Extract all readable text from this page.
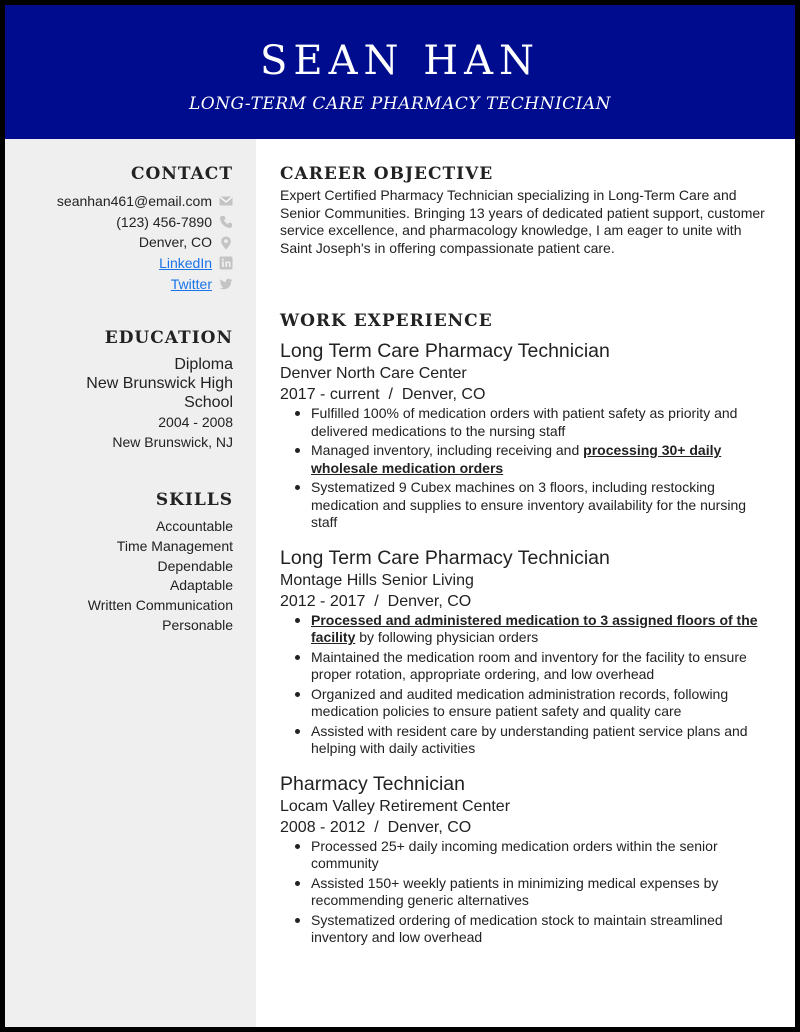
SEAN HAN
LONG-TERM CARE PHARMACY TECHNICIAN
CONTACT
seanhan461@email.com
(123) 456-7890
Denver, CO
LinkedIn
Twitter
EDUCATION
Diploma
New Brunswick High
School
2004 - 2008
New Brunswick, NJ
SKILLS
Accountable
Time Management
Dependable
Adaptable
Written Communication
Personable
CAREER OBJECTIVE
Expert Certified Pharmacy Technician specializing in Long-Term Care and Senior Communities. Bringing 13 years of dedicated patient support, customer service excellence, and pharmacology knowledge, I am eager to unite with Saint Joseph's in offering compassionate patient care.
WORK EXPERIENCE
Long Term Care Pharmacy Technician
Denver North Care Center
2017 - current  /  Denver, CO
Fulfilled 100% of medication orders with patient safety as priority and delivered medications to the nursing staff
Managed inventory, including receiving and processing 30+ daily wholesale medication orders
Systematized 9 Cubex machines on 3 floors, including restocking medication and supplies to ensure inventory availability for the nursing staff
Long Term Care Pharmacy Technician
Montage Hills Senior Living
2012 - 2017  /  Denver, CO
Processed and administered medication to 3 assigned floors of the facility by following physician orders
Maintained the medication room and inventory for the facility to ensure proper rotation, appropriate ordering, and low overhead
Organized and audited medication administration records, following medication policies to ensure patient safety and quality care
Assisted with resident care by understanding patient service plans and helping with daily activities
Pharmacy Technician
Locam Valley Retirement Center
2008 - 2012  /  Denver, CO
Processed 25+ daily incoming medication orders within the senior community
Assisted 150+ weekly patients in minimizing medical expenses by recommending generic alternatives
Systematized ordering of medication stock to maintain streamlined inventory and low overhead
